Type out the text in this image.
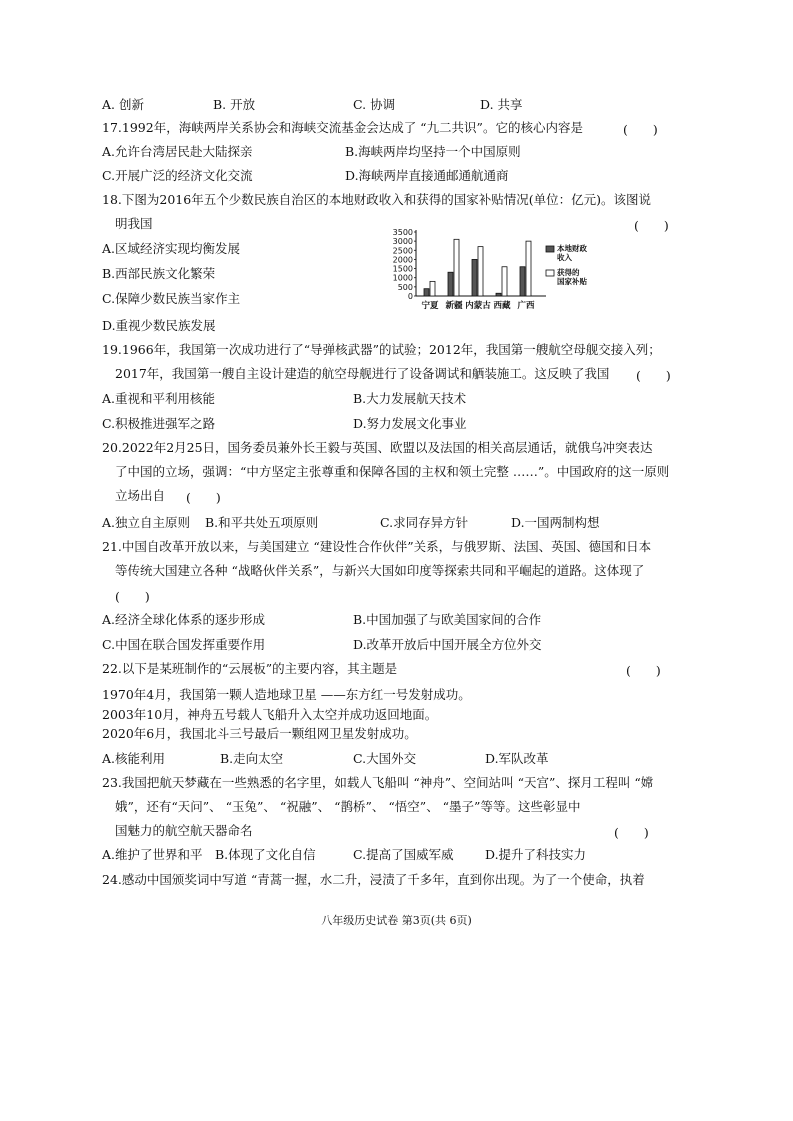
A. 创新	B. 开放	C. 协调	D. 共享
17.1992年，海峡两岸关系协会和海峡交流基金会达成了 “九二共识”。它的核心内容是	(　　)
A.允许台湾居民赴大陆探亲	B.海峡两岸均坚持一个中国原则
C.开展广泛的经济文化交流	D.海峡两岸直接通邮通航通商
18.下图为2016年五个少数民族自治区的本地财政收入和获得的国家补贴情况(单位：亿元)。该图说
明我国	(　　)
A.区域经济实现均衡发展
B.西部民族文化繁荣
C.保障少数民族当家作主
D.重视少数民族发展
0
500
1000
1500
2000
2500
3000
3500
宁夏 新疆 内蒙古 西藏 广西
本地财政
收入
获得的
国家补贴
19.1966年，我国第一次成功进行了“导弹核武器”的试验；2012年，我国第一艘航空母舰交接入列；
2017年，我国第一艘自主设计建造的航空母舰进行了设备调试和舾装施工。这反映了我国 (　　)
A.重视和平利用核能	B.大力发展航天技术
C.积极推进强军之路	D.努力发展文化事业
20.2022年2月25日，国务委员兼外长王毅与英国、欧盟以及法国的相关高层通话，就俄乌冲突表达
了中国的立场，强调：“中方坚定主张尊重和保障各国的主权和领土完整 ……”。中国政府的这一原则
立场出自 (　　)
A.独立自主原则 B.和平共处五项原则	C.求同存异方针	D.一国两制构想
21.中国自改革开放以来，与美国建立 “建设性合作伙伴”关系，与俄罗斯、法国、英国、德国和日本
等传统大国建立各种 “战略伙伴关系”，与新兴大国如印度等探索共同和平崛起的道路。这体现了
(　　)
A.经济全球化体系的逐步形成	B.中国加强了与欧美国家间的合作
C.中国在联合国发挥重要作用	D.改革开放后中国开展全方位外交
22.以下是某班制作的“云展板”的主要内容，其主题是	(　　)
1970年4月，我国第一颗人造地球卫星 ——东方红一号发射成功。
2003年10月，神舟五号载人飞船升入太空并成功返回地面。
2020年6月，我国北斗三号最后一颗组网卫星发射成功。
A.核能利用	B.走向太空	C.大国外交	D.军队改革
23.我国把航天梦藏在一些熟悉的名字里，如载人飞船叫 “神舟”、空间站叫 “天宫”、探月工程叫 “嫦
娥”，还有“天问”、 “玉兔”、 “祝融”、 “鹊桥”、 “悟空”、 “墨子”等等。这些彰显中
国魅力的航空航天器命名	(　　)
A.维护了世界和平 B.体现了文化自信	C.提高了国威军威	D.提升了科技实力
24.感动中国颁奖词中写道 “青蒿一握，水二升，浸渍了千多年，直到你出现。为了一个使命，执着
八年级历史试卷 第3页(共 6页)
